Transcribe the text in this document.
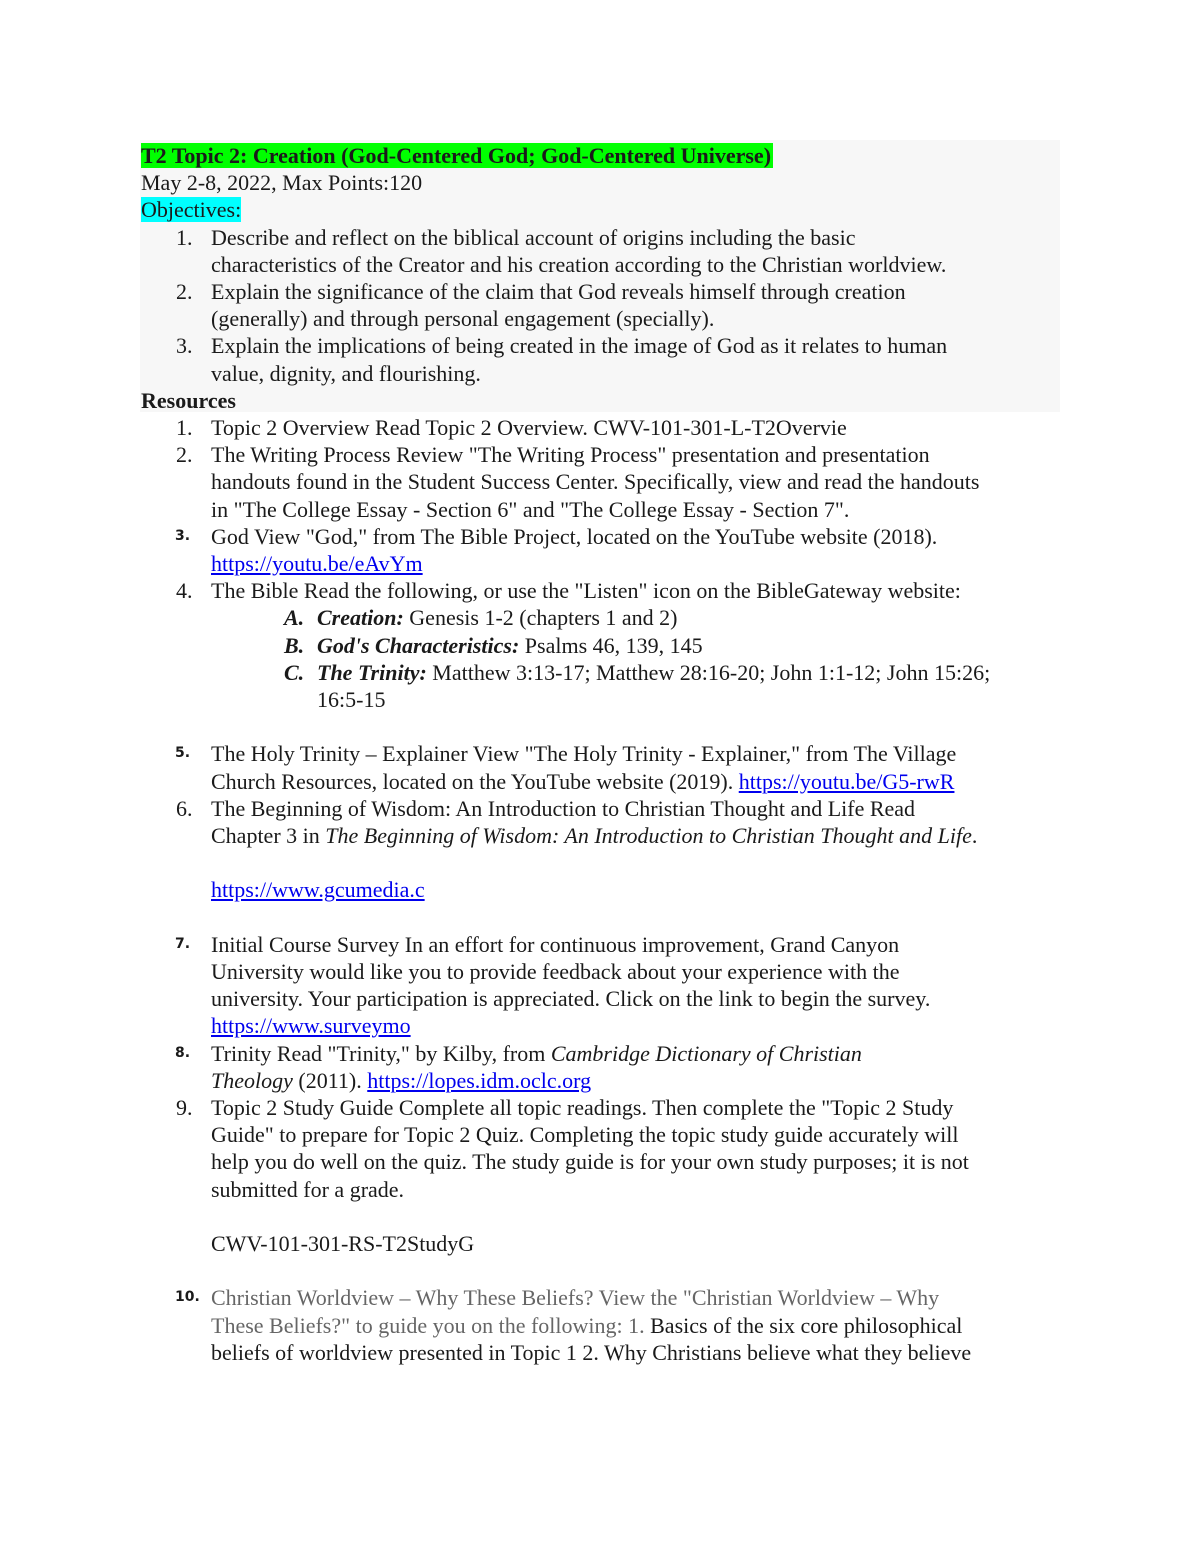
T2 Topic 2: Creation (God-Centered God; God-Centered Universe)
May 2-8, 2022, Max Points:120
Objectives:
1. Describe and reflect on the biblical account of origins including the basic
characteristics of the Creator and his creation according to the Christian worldview.
2. Explain the significance of the claim that God reveals himself through creation
(generally) and through personal engagement (specially).
3. Explain the implications of being created in the image of God as it relates to human
value, dignity, and flourishing.
Resources
1. Topic 2 Overview Read Topic 2 Overview. CWV-101-301-L-T2Overvie
2. The Writing Process Review "The Writing Process" presentation and presentation
handouts found in the Student Success Center. Specifically, view and read the handouts
in "The College Essay - Section 6" and "The College Essay - Section 7".
3. God View "God," from The Bible Project, located on the YouTube website (2018).
https://youtu.be/eAvYm
4. The Bible Read the following, or use the "Listen" icon on the BibleGateway website:
A. Creation: Genesis 1-2 (chapters 1 and 2)
B. God's Characteristics: Psalms 46, 139, 145
C. The Trinity: Matthew 3:13-17; Matthew 28:16-20; John 1:1-12; John 15:26;
16:5-15
5. The Holy Trinity – Explainer View "The Holy Trinity - Explainer," from The Village
Church Resources, located on the YouTube website (2019). https://youtu.be/G5-rwR
6. The Beginning of Wisdom: An Introduction to Christian Thought and Life Read
Chapter 3 in The Beginning of Wisdom: An Introduction to Christian Thought and Life.
https://www.gcumedia.c
7. Initial Course Survey In an effort for continuous improvement, Grand Canyon
University would like you to provide feedback about your experience with the
university. Your participation is appreciated. Click on the link to begin the survey.
https://www.surveymo
8. Trinity Read "Trinity," by Kilby, from Cambridge Dictionary of Christian
Theology (2011). https://lopes.idm.oclc.org
9. Topic 2 Study Guide Complete all topic readings. Then complete the "Topic 2 Study
Guide" to prepare for Topic 2 Quiz. Completing the topic study guide accurately will
help you do well on the quiz. The study guide is for your own study purposes; it is not
submitted for a grade.
CWV-101-301-RS-T2StudyG
10. Christian Worldview – Why These Beliefs? View the "Christian Worldview – Why
These Beliefs?" to guide you on the following: 1. Basics of the six core philosophical
beliefs of worldview presented in Topic 1 2. Why Christians believe what they believe
